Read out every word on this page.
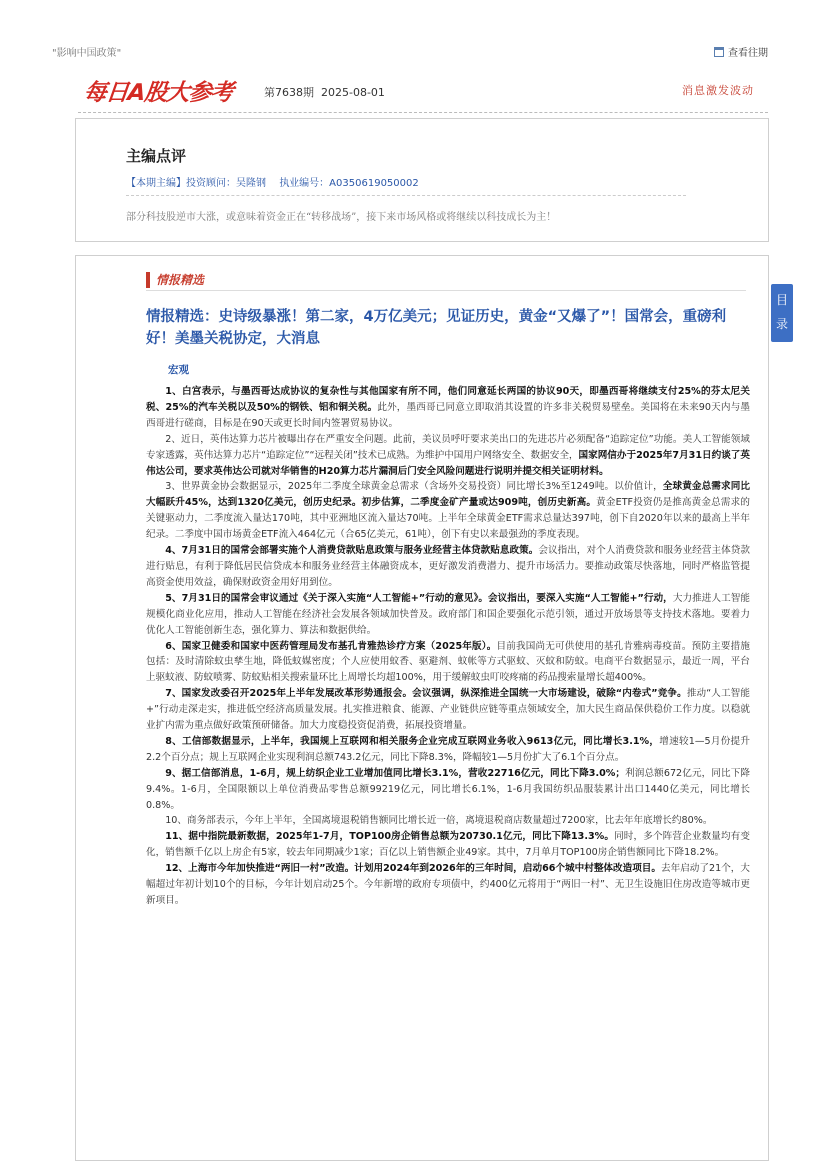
"影响中国政策"	查看往期
每日A股大参考	第7638期 2025-08-01	消息激发波动
主编点评
【本期主编】投资顾问：吴隆钢 执业编号：A0350619050002
部分科技股逆市大涨，或意味着资金正在“转移战场”，接下来市场风格或将继续以科技成长为主！
情报精选
情报精选：史诗级暴涨！第二家，4万亿美元；见证历史，黄金“又爆了”！国常会，重磅利好！美墨关税协定，大消息
宏观

1、白宫表示，与墨西哥达成协议的复杂性与其他国家有所不同，他们同意延长两国的协议90天，即墨西哥将继续支付25%的芬太尼关税、25%的汽车关税以及50%的钢铁、铝和铜关税。此外，墨西哥已同意立即取消其设置的许多非关税贸易壁垒。美国将在未来90天内与墨西哥进行磋商，目标是在90天或更长时间内签署贸易协议。

2、近日，英伟达算力芯片被曝出存在严重安全问题。此前，美议员呼吁要求美出口的先进芯片必须配备“追踪定位”功能。美人工智能领域专家透露，英伟达算力芯片“追踪定位”“远程关闭”技术已成熟。为维护中国用户网络安全、数据安全，国家网信办于2025年7月31日约谈了英伟达公司，要求英伟达公司就对华销售的H20算力芯片漏洞后门安全风险问题进行说明并提交相关证明材料。

3、世界黄金协会数据显示，2025年二季度全球黄金总需求（含场外交易投资）同比增长3%至1249吨。以价值计，全球黄金总需求同比大幅跃升45%，达到1320亿美元，创历史纪录。初步估算，二季度金矿产量或达909吨，创历史新高。黄金ETF投资仍是推高黄金总需求的关键驱动力，二季度流入量达170吨，其中亚洲地区流入量达70吨。上半年全球黄金ETF需求总量达397吨，创下自2020年以来的最高上半年纪录。二季度中国市场黄金ETF流入464亿元（合65亿美元，61吨），创下有史以来最强劲的季度表现。

4、7月31日的国常会部署实施个人消费贷款贴息政策与服务业经营主体贷款贴息政策。会议指出，对个人消费贷款和服务业经营主体贷款进行贴息，有利于降低居民信贷成本和服务业经营主体融资成本，更好激发消费潜力、提升市场活力。要推动政策尽快落地，同时严格监管提高资金使用效益，确保财政资金用好用到位。

5、7月31日的国常会审议通过《关于深入实施“人工智能+”行动的意见》。会议指出，要深入实施“人工智能+”行动，大力推进人工智能规模化商业化应用，推动人工智能在经济社会发展各领域加快普及。政府部门和国企要强化示范引领，通过开放场景等支持技术落地。要着力优化人工智能创新生态，强化算力、算法和数据供给。

6、国家卫健委和国家中医药管理局发布基孔肯雅热诊疗方案（2025年版）。目前我国尚无可供使用的基孔肯雅病毒疫苗。预防主要措施包括：及时清除蚊虫孳生地，降低蚊媒密度；个人应使用蚊香、驱避剂、蚊帐等方式驱蚊、灭蚊和防蚊。电商平台数据显示，最近一周，平台上驱蚊液、防蚊喷雾、防蚊贴相关搜索量环比上周增长均超100%，用于缓解蚊虫叮咬疼痛的药品搜索量增长超400%。

7、国家发改委召开2025年上半年发展改革形势通报会。会议强调，纵深推进全国统一大市场建设，破除“内卷式”竞争。推动“人工智能+”行动走深走实，推进低空经济高质量发展。扎实推进粮食、能源、产业链供应链等重点领域安全，加大民生商品保供稳价工作力度。以稳就业扩内需为重点做好政策预研储备。加大力度稳投资促消费，拓展投资增量。

8、工信部数据显示，上半年，我国规上互联网和相关服务企业完成互联网业务收入9613亿元，同比增长3.1%，增速较1—5月份提升2.2个百分点；规上互联网企业实现利润总额743.2亿元，同比下降8.3%，降幅较1—5月份扩大了6.1个百分点。

9、据工信部消息，1-6月，规上纺织企业工业增加值同比增长3.1%，营收22716亿元，同比下降3.0%；利润总额672亿元，同比下降9.4%。1-6月，全国限额以上单位消费品零售总额99219亿元，同比增长6.1%，1-6月我国纺织品服装累计出口1440亿美元，同比增长0.8%。

10、商务部表示，今年上半年，全国离境退税销售额同比增长近一倍，离境退税商店数量超过7200家，比去年年底增长约80%。

11、据中指院最新数据，2025年1-7月，TOP100房企销售总额为20730.1亿元，同比下降13.3%。同时，多个阵营企业数量均有变化，销售额千亿以上房企有5家，较去年同期减少1家；百亿以上销售额企业49家。其中，7月单月TOP100房企销售额同比下降18.2%。

12、上海市今年加快推进“两旧一村”改造。计划用2024年到2026年的三年时间，启动66个城中村整体改造项目。去年启动了21个，大幅超过年初计划10个的目标，今年计划启动25个。今年新增的政府专项债中，约400亿元将用于“两旧一村”、无卫生设施旧住房改造等城市更新项目。

目录
